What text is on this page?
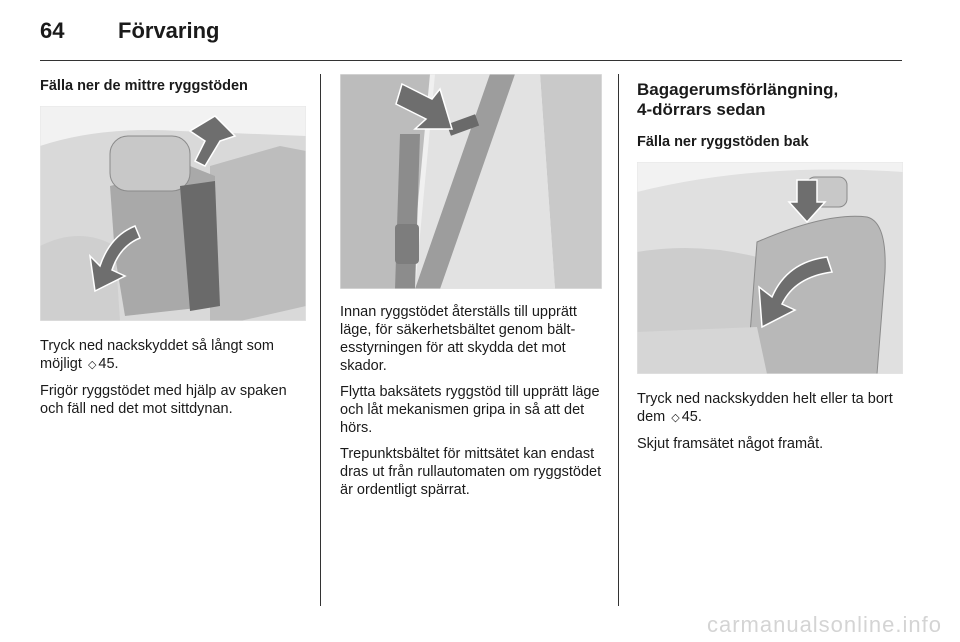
64 Förvaring

Fälla ner de mittre ryggstöden

Tryck ned nackskyddet så långt som möjligt ◇ 45.

Frigör ryggstödet med hjälp av spaken och fäll ned det mot sittdynan.

Innan ryggstödet återställs till upprätt läge, för säkerhetsbältet genom bält-esstyrningen för att skydda det mot skador.

Flytta baksätets ryggstöd till upprätt läge och låt mekanismen gripa in så att det hörs.

Trepunktsbältet för mittsätet kan endast dras ut från rullautomaten om ryggstödet är ordentligt spärrat.

Bagagerumsförlängning,

4-dörrars sedan

Fälla ner ryggstöden bak

Tryck ned nackskydden helt eller ta bort dem ◇ 45.

Skjut framsätet något framåt.

carmanualsonline.info
